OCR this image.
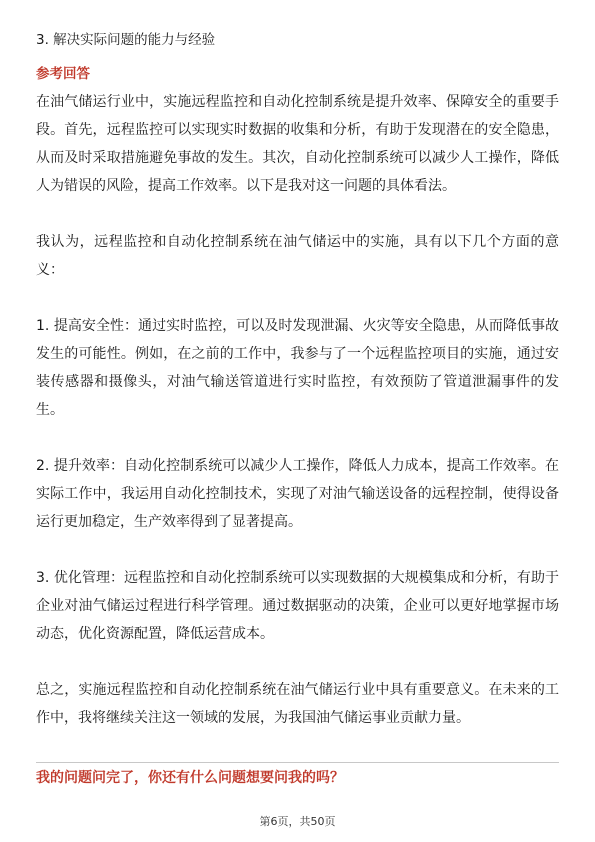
3. 解决实际问题的能力与经验
参考回答

在油气储运行业中，实施远程监控和自动化控制系统是提升效率、保障安全的重要手段。首先，远程监控可以实现实时数据的收集和分析，有助于发现潜在的安全隐患，从而及时采取措施避免事故的发生。其次，自动化控制系统可以减少人工操作，降低人为错误的风险，提高工作效率。以下是我对这一问题的具体看法。

我认为，远程监控和自动化控制系统在油气储运中的实施，具有以下几个方面的意义：

1. 提高安全性：通过实时监控，可以及时发现泄漏、火灾等安全隐患，从而降低事故发生的可能性。例如，在之前的工作中，我参与了一个远程监控项目的实施，通过安装传感器和摄像头，对油气输送管道进行实时监控，有效预防了管道泄漏事件的发生。

2. 提升效率：自动化控制系统可以减少人工操作，降低人力成本，提高工作效率。在实际工作中，我运用自动化控制技术，实现了对油气输送设备的远程控制，使得设备运行更加稳定，生产效率得到了显著提高。

3. 优化管理：远程监控和自动化控制系统可以实现数据的大规模集成和分析，有助于企业对油气储运过程进行科学管理。通过数据驱动的决策，企业可以更好地掌握市场动态，优化资源配置，降低运营成本。

总之，实施远程监控和自动化控制系统在油气储运行业中具有重要意义。在未来的工作中，我将继续关注这一领域的发展，为我国油气储运事业贡献力量。

我的问题问完了，你还有什么问题想要问我的吗？
第6页，共50页
